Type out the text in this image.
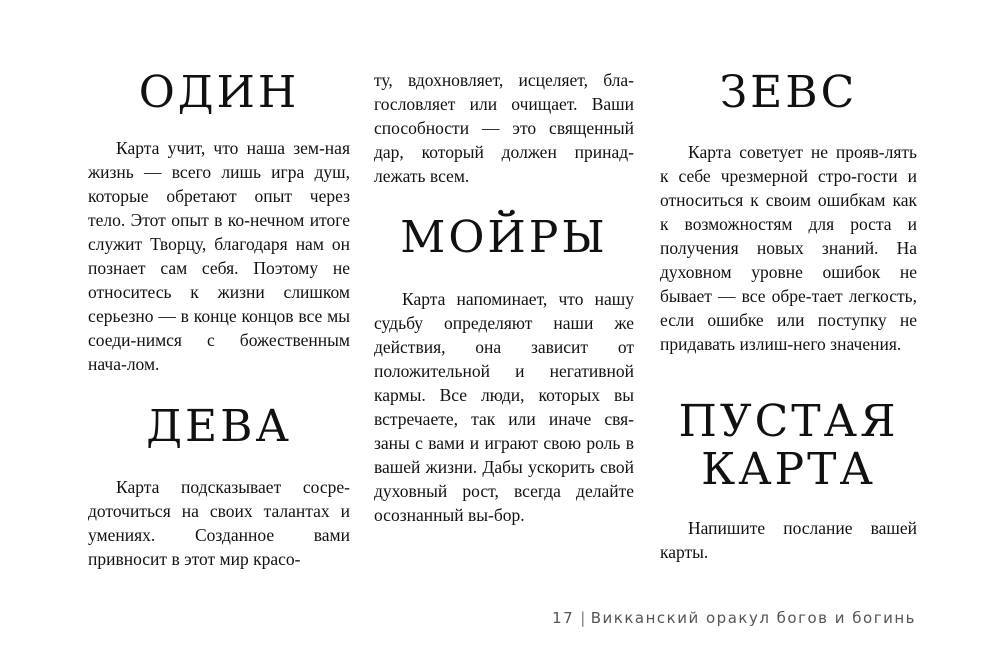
ОДИН

Карта учит, что наша зем-ная жизнь — всего лишь игра душ, которые обретают опыт через тело. Этот опыт в ко-нечном итоге служит Творцу, благодаря нам он познает сам себя. Поэтому не относитесь к жизни слишком серьезно — в конце концов все мы соеди-нимся с божественным нача-лом.

ДЕВА

Карта подсказывает сосре-доточиться на своих талантах и умениях. Созданное вами привносит в этот мир красо-

ту, вдохновляет, исцеляет, бла-гословляет или очищает. Ваши способности — это священный дар, который должен принад-лежать всем.

МОЙРЫ

Карта напоминает, что нашу судьбу определяют наши же действия, она зависит от положительной и негативной кармы. Все люди, которых вы встречаете, так или иначе свя-заны с вами и играют свою роль в вашей жизни. Дабы ускорить свой духовный рост, всегда делайте осознанный вы-бор.

ЗЕВС

Карта советует не прояв-лять к себе чрезмерной стро-гости и относиться к своим ошибкам как к возможностям для роста и получения новых знаний. На духовном уровне ошибок не бывает — все обре-тает легкость, если ошибке или поступку не придавать излиш-него значения.

ПУСТАЯ
КАРТА

Напишите послание вашей карты.

17 | Викканский оракул богов и богинь
